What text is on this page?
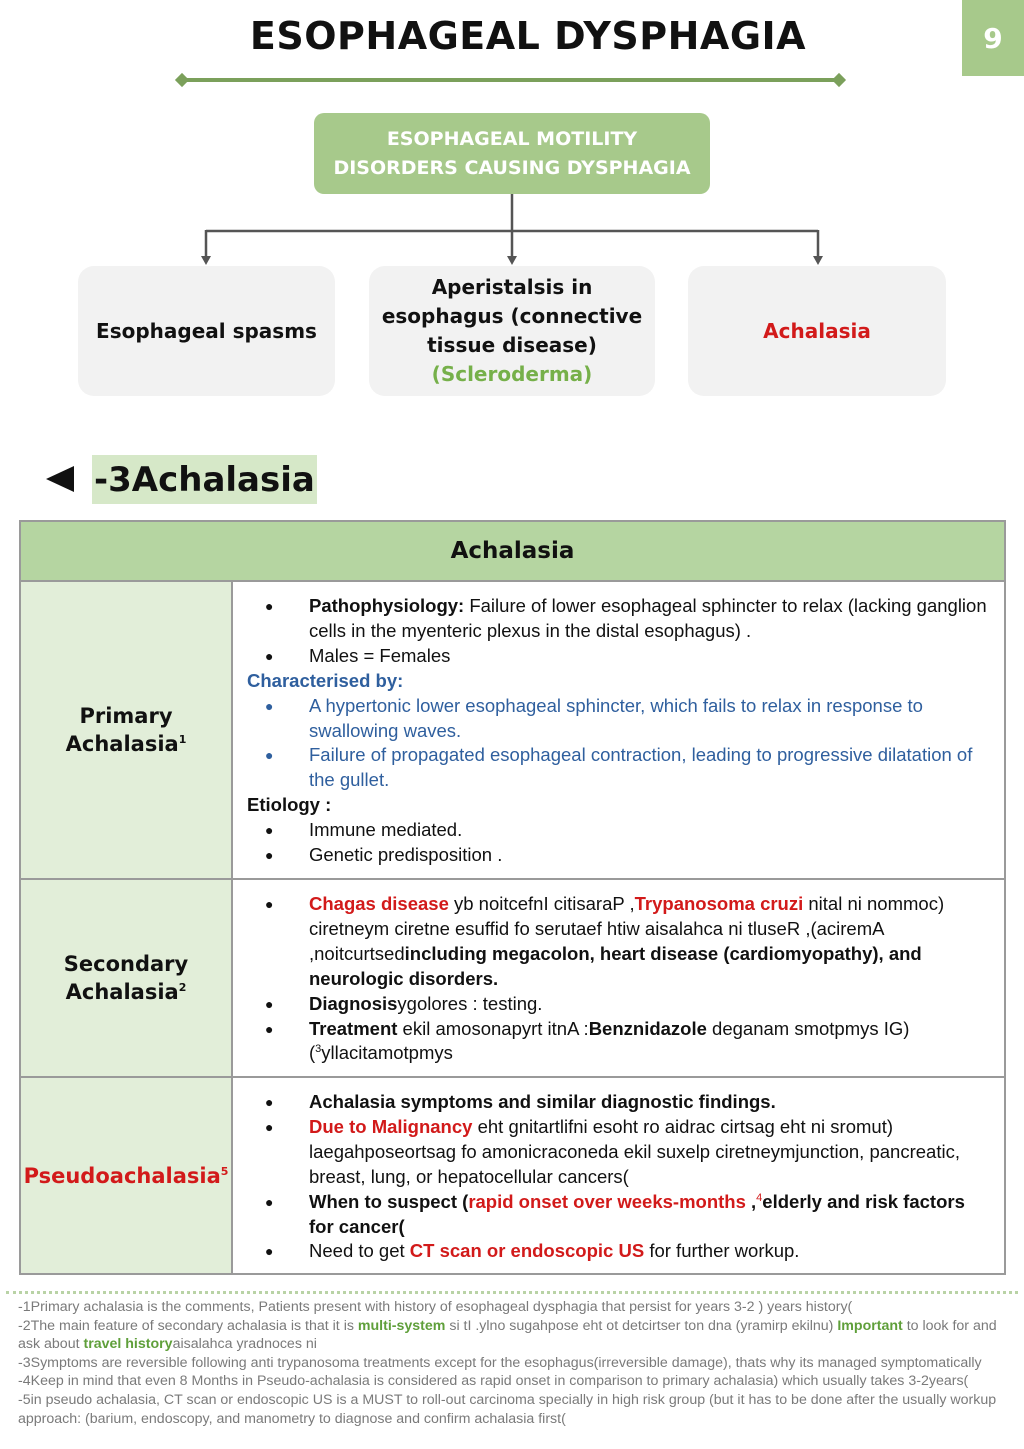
ESOPHAGEAL DYSPHAGIA	9
ESOPHAGEAL MOTILITY
DISORDERS CAUSING DYSPHAGIA
Esophageal spasms
Aperistalsis in
esophagus (connective
tissue disease)
(Scleroderma)
Achalasia
-3Achalasia
Achalasia
Primary
Achalasia$^1$
● Pathophysiology: Failure of lower esophageal sphincter to relax (lacking ganglion cells in the myenteric plexus in the distal esophagus) .
● Males = Females
Characterised by:
● A hypertonic lower esophageal sphincter, which fails to relax in response to swallowing waves.
● Failure of propagated esophageal contraction, leading to progressive dilatation of the gullet.
Etiology :
● Immune mediated.
● Genetic predisposition .
Secondary
Achalasia$^2$
● Chagas disease yb noitcefnI citisaraP ,Trypanosoma cruzi nital ni nommoc) ciretneym ciretne esuffid fo serutaef htiw aisalahca ni tluseR ,(aciremA ,noitcurtsedincluding megacolon, heart disease (cardiomyopathy), and neurologic disorders.
● Diagnosisygolores : testing.
● Treatment ekil amosonapyrt itnA :Benznidazole deganam smotpmys IG) ($^3$yllacitamotpmys
Pseudoachalasia$^5$
● Achalasia symptoms and similar diagnostic findings.
● Due to Malignancy eht gnitartlifni esoht ro aidrac cirtsag eht ni sromut) laegahposeortsag fo amonicraconeda ekil suxelp ciretneymjunction, pancreatic, breast, lung, or hepatocellular cancers(
● When to suspect (rapid onset over weeks-months ,$^4$elderly and risk factors for cancer(
● Need to get CT scan or endoscopic US for further workup.
-1Primary achalasia is the comments, Patients present with history of esophageal dysphagia that persist for years 3-2 ) years history(
-2The main feature of secondary achalasia is that it is multi-system si tI .ylno sugahpose eht ot detcirtser ton dna (yramirp ekilnu) Important to look for and ask about travel historyaisalahca yradnoces ni
-3Symptoms are reversible following anti trypanosoma treatments except for the esophagus(irreversible damage), thats why its managed symptomatically
-4Keep in mind that even 8 Months in Pseudo-achalasia is considered as rapid onset in comparison to primary achalasia) which usually takes 3-2years(
-5in pseudo achalasia, CT scan or endoscopic US is a MUST to roll-out carcinoma specially in high risk group (but it has to be done after the usually workup approach: (barium, endoscopy, and manometry to diagnose and confirm achalasia first(
